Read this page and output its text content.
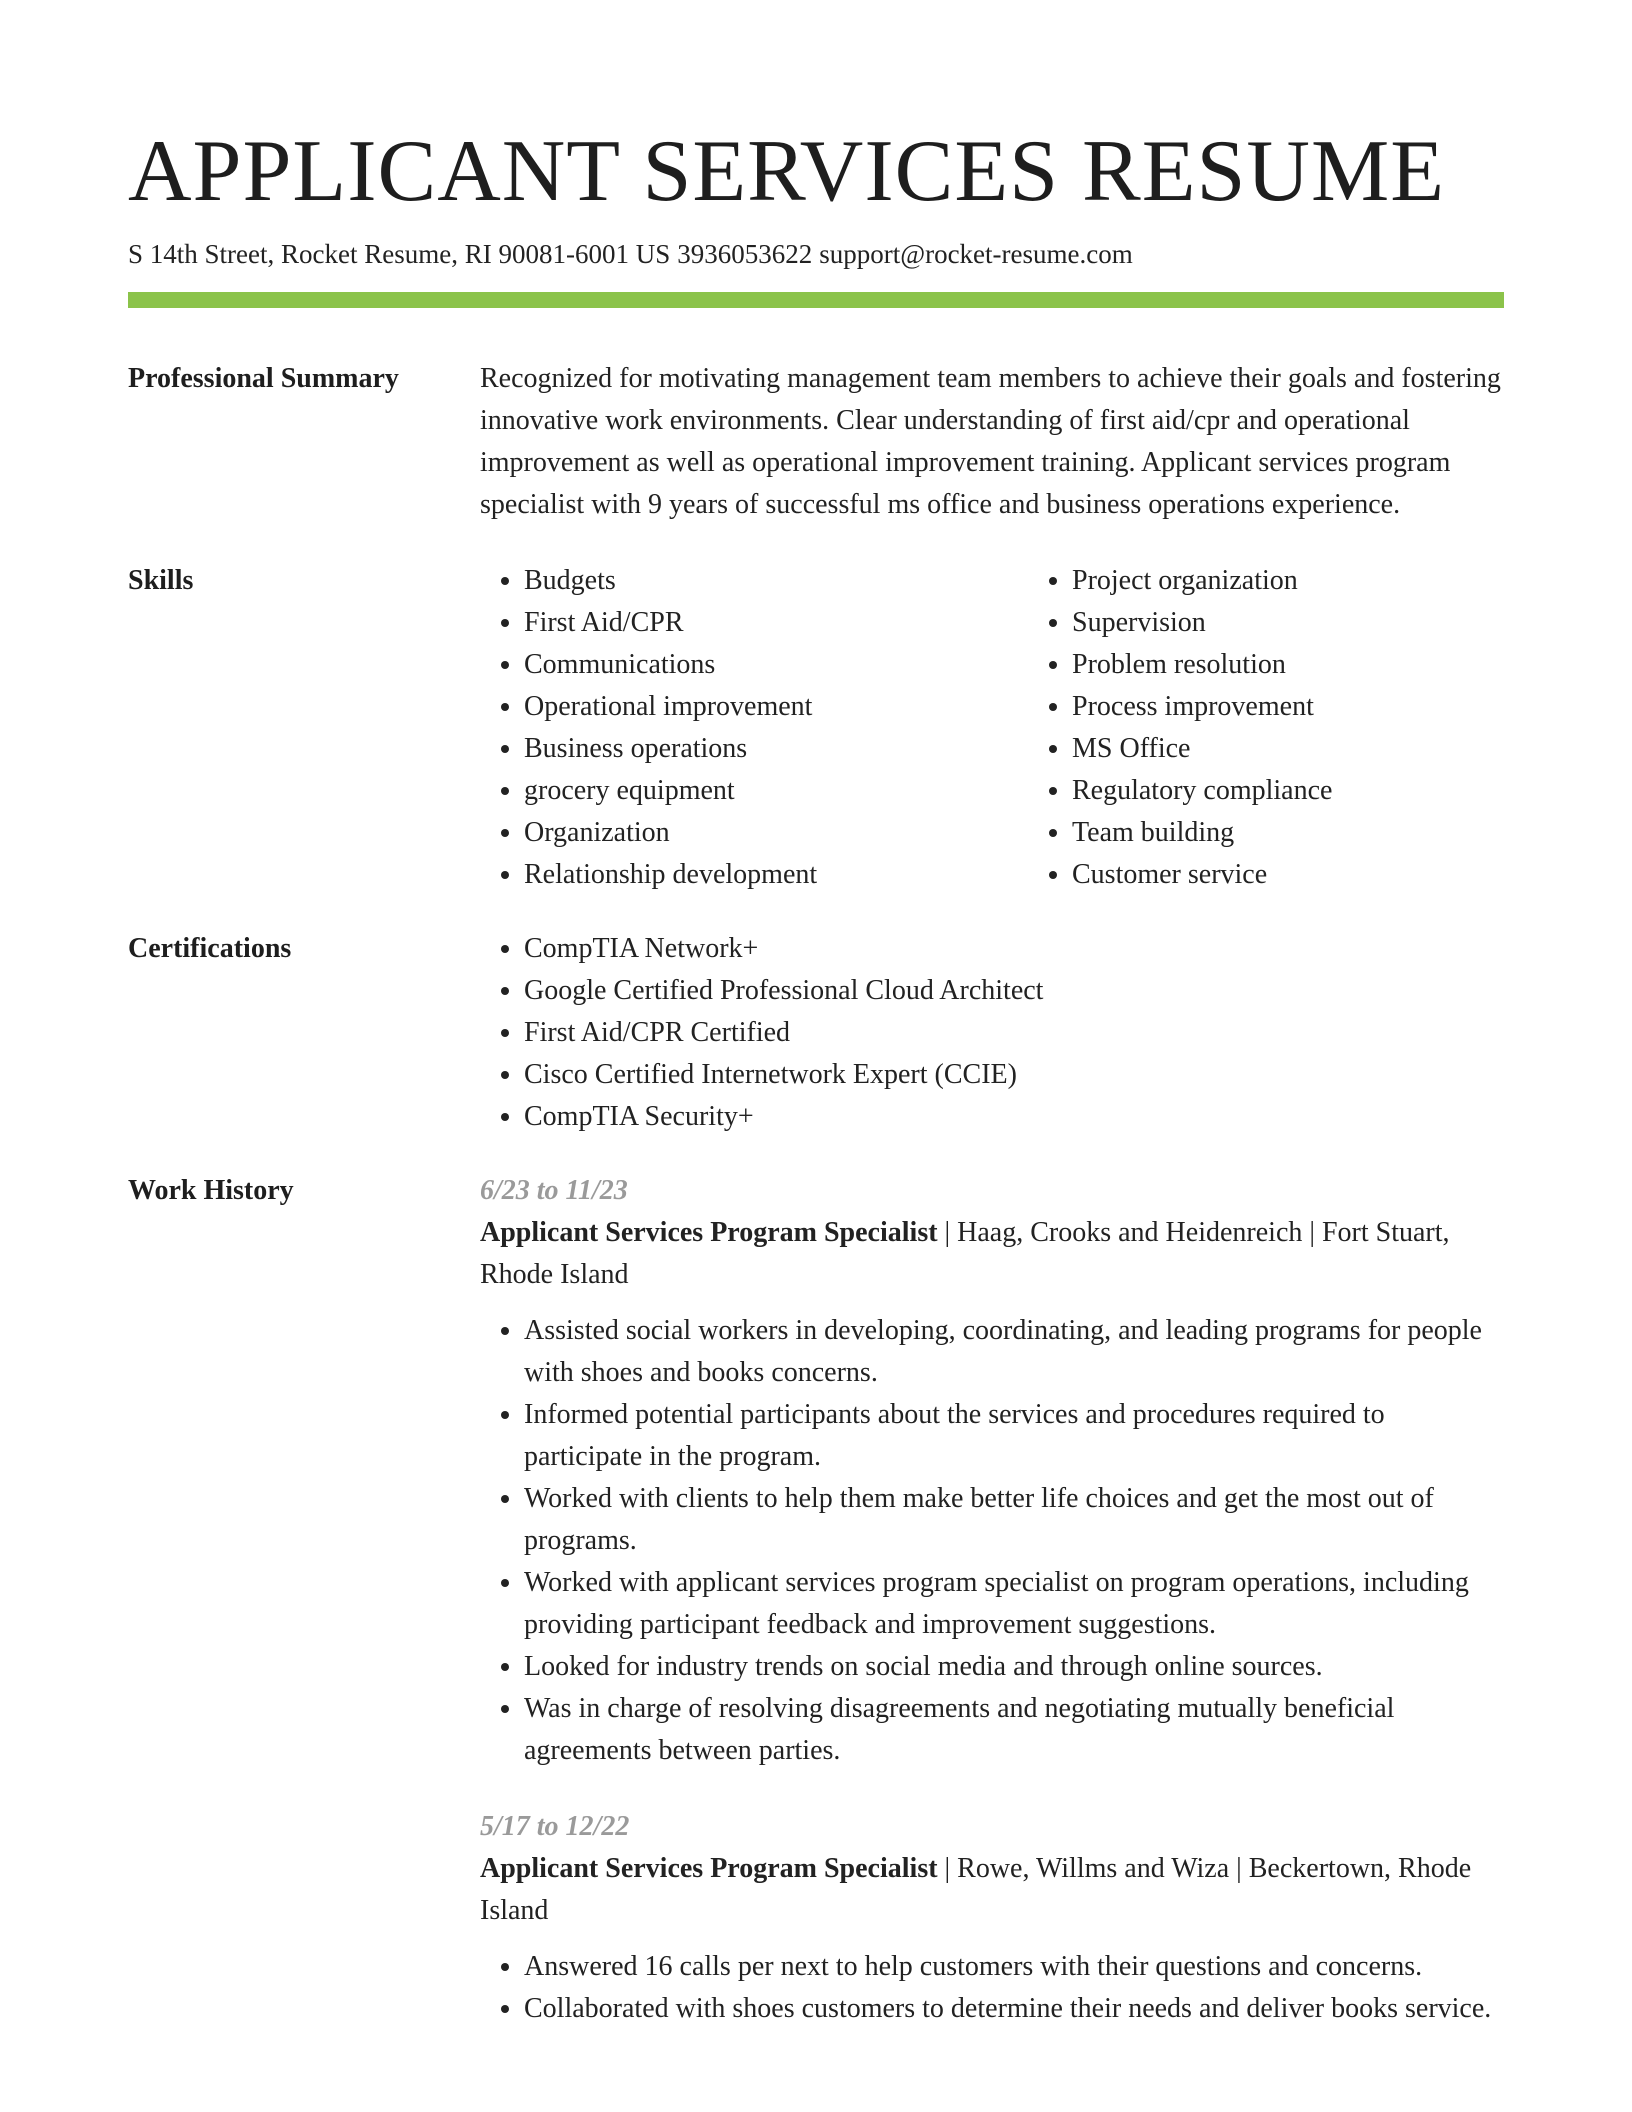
APPLICANT SERVICES RESUME
S 14th Street, Rocket Resume, RI 90081-6001 US 3936053622 support@rocket-resume.com
Professional Summary	Recognized for motivating management team members to achieve their goals and fostering innovative work environments. Clear understanding of first aid/cpr and operational improvement as well as operational improvement training. Applicant services program specialist with 9 years of successful ms office and business operations experience.
Skills	• Budgets
• First Aid/CPR
• Communications
• Operational improvement
• Business operations
• grocery equipment
• Organization
• Relationship development
• Project organization
• Supervision
• Problem resolution
• Process improvement
• MS Office
• Regulatory compliance
• Team building
• Customer service
Certifications	• CompTIA Network+
• Google Certified Professional Cloud Architect
• First Aid/CPR Certified
• Cisco Certified Internetwork Expert (CCIE)
• CompTIA Security+
Work History	6/23 to 11/23
Applicant Services Program Specialist | Haag, Crooks and Heidenreich | Fort Stuart, Rhode Island
• Assisted social workers in developing, coordinating, and leading programs for people with shoes and books concerns.
• Informed potential participants about the services and procedures required to participate in the program.
• Worked with clients to help them make better life choices and get the most out of programs.
• Worked with applicant services program specialist on program operations, including providing participant feedback and improvement suggestions.
• Looked for industry trends on social media and through online sources.
• Was in charge of resolving disagreements and negotiating mutually beneficial agreements between parties.
5/17 to 12/22
Applicant Services Program Specialist | Rowe, Willms and Wiza | Beckertown, Rhode Island
• Answered 16 calls per next to help customers with their questions and concerns.
• Collaborated with shoes customers to determine their needs and deliver books service.
